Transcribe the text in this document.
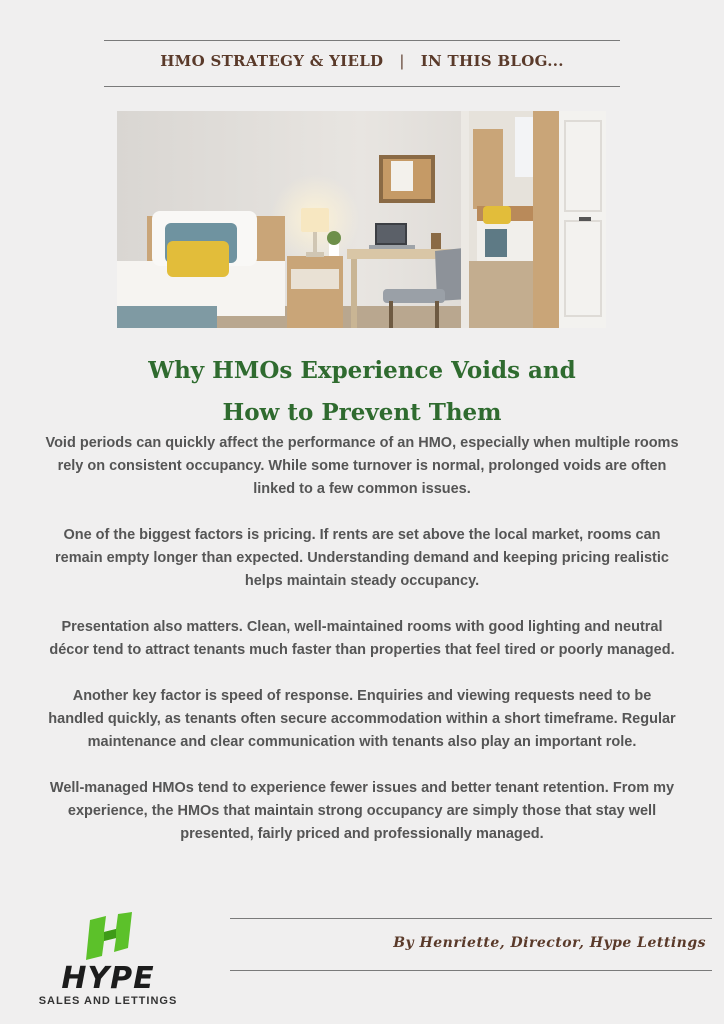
HMO STRATEGY & YIELD | IN THIS BLOG...
Why HMOs Experience Voids and
How to Prevent Them

Void periods can quickly affect the performance of an HMO, especially when multiple rooms rely on consistent occupancy. While some turnover is normal, prolonged voids are often linked to a few common issues.

One of the biggest factors is pricing. If rents are set above the local market, rooms can remain empty longer than expected. Understanding demand and keeping pricing realistic helps maintain steady occupancy.

Presentation also matters. Clean, well-maintained rooms with good lighting and neutral décor tend to attract tenants much faster than properties that feel tired or poorly managed.

Another key factor is speed of response. Enquiries and viewing requests need to be handled quickly, as tenants often secure accommodation within a short timeframe. Regular maintenance and clear communication with tenants also play an important role.

Well-managed HMOs tend to experience fewer issues and better tenant retention. From my experience, the HMOs that maintain strong occupancy are simply those that stay well presented, fairly priced and professionally managed.

By Henriette, Director, Hype Lettings
HYPE
SALES AND LETTINGS
